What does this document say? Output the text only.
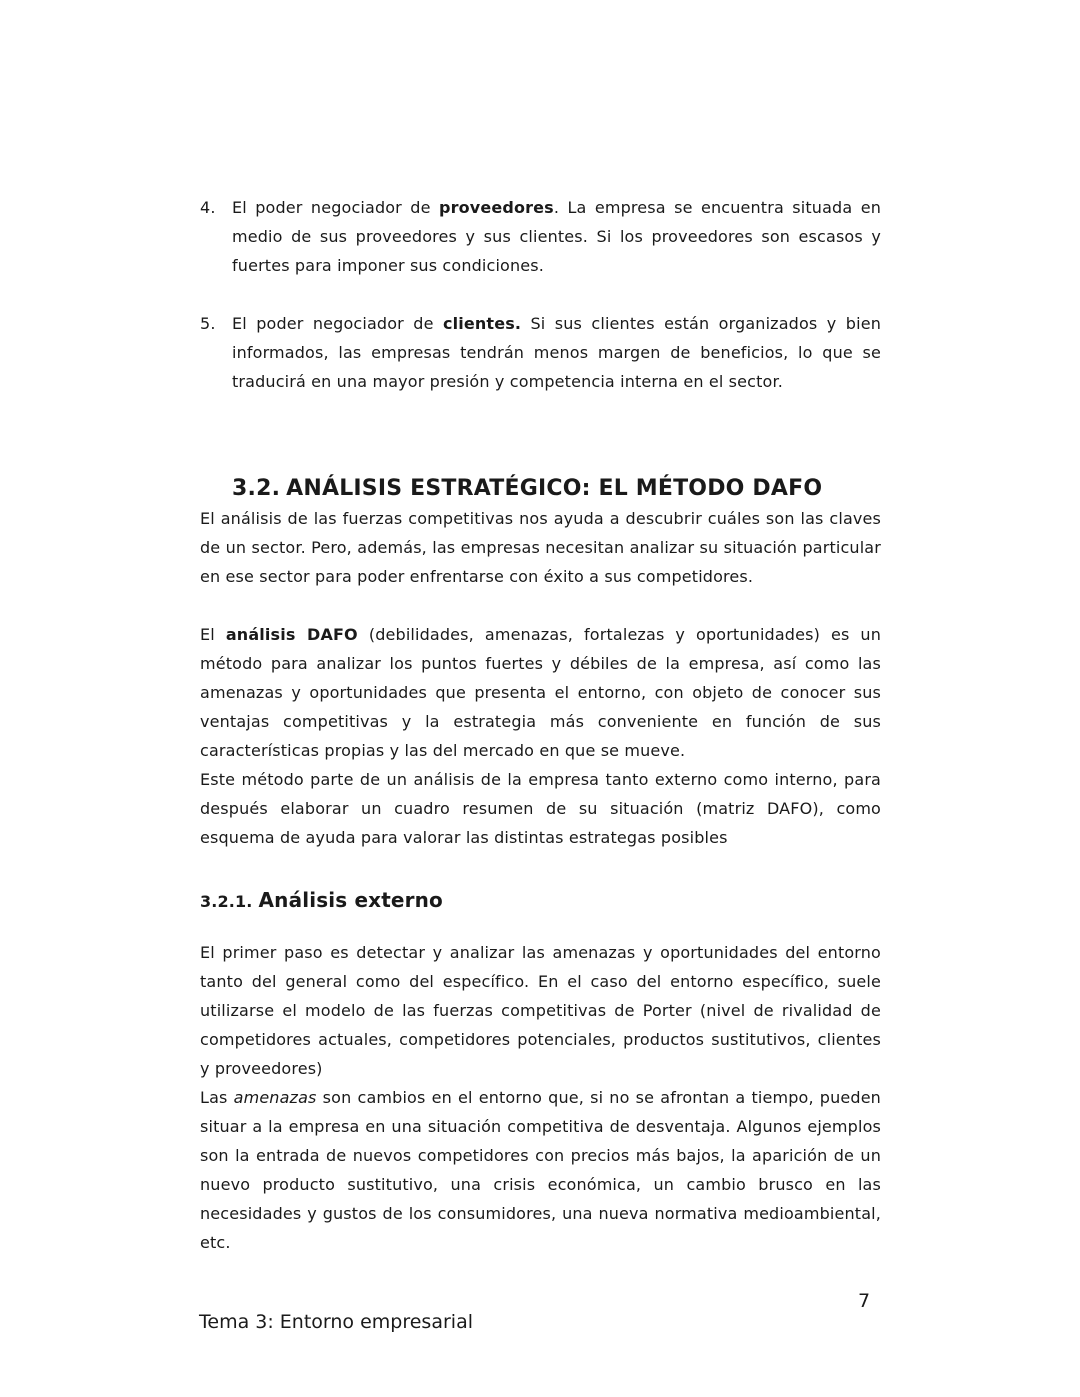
4. El poder negociador de proveedores. La empresa se encuentra situada en medio de sus proveedores y sus clientes. Si los proveedores son escasos y fuertes para imponer sus condiciones.
5. El poder negociador de clientes. Si sus clientes están organizados y bien informados, las empresas tendrán menos margen de beneficios, lo que se traducirá en una mayor presión y competencia interna en el sector.
3.2. ANÁLISIS ESTRATÉGICO: EL MÉTODO DAFO

El análisis de las fuerzas competitivas nos ayuda a descubrir cuáles son las claves de un sector. Pero, además, las empresas necesitan analizar su situación particular en ese sector para poder enfrentarse con éxito a sus competidores.

El análisis DAFO (debilidades, amenazas, fortalezas y oportunidades) es un método para analizar los puntos fuertes y débiles de la empresa, así como las amenazas y oportunidades que presenta el entorno, con objeto de conocer sus ventajas competitivas y la estrategia más conveniente en función de sus características propias y las del mercado en que se mueve.

Este método parte de un análisis de la empresa tanto externo como interno, para después elaborar un cuadro resumen de su situación (matriz DAFO), como esquema de ayuda para valorar las distintas estrategas posibles

3.2.1. Análisis externo

El primer paso es detectar y analizar las amenazas y oportunidades del entorno tanto del general como del específico. En el caso del entorno específico, suele utilizarse el modelo de las fuerzas competitivas de Porter (nivel de rivalidad de competidores actuales, competidores potenciales, productos sustitutivos, clientes y proveedores)

Las amenazas son cambios en el entorno que, si no se afrontan a tiempo, pueden situar a la empresa en una situación competitiva de desventaja. Algunos ejemplos son la entrada de nuevos competidores con precios más bajos, la aparición de un nuevo producto sustitutivo, una crisis económica, un cambio brusco en las necesidades y gustos de los consumidores, una nueva normativa medioambiental, etc.

7
Tema 3: Entorno empresarial
